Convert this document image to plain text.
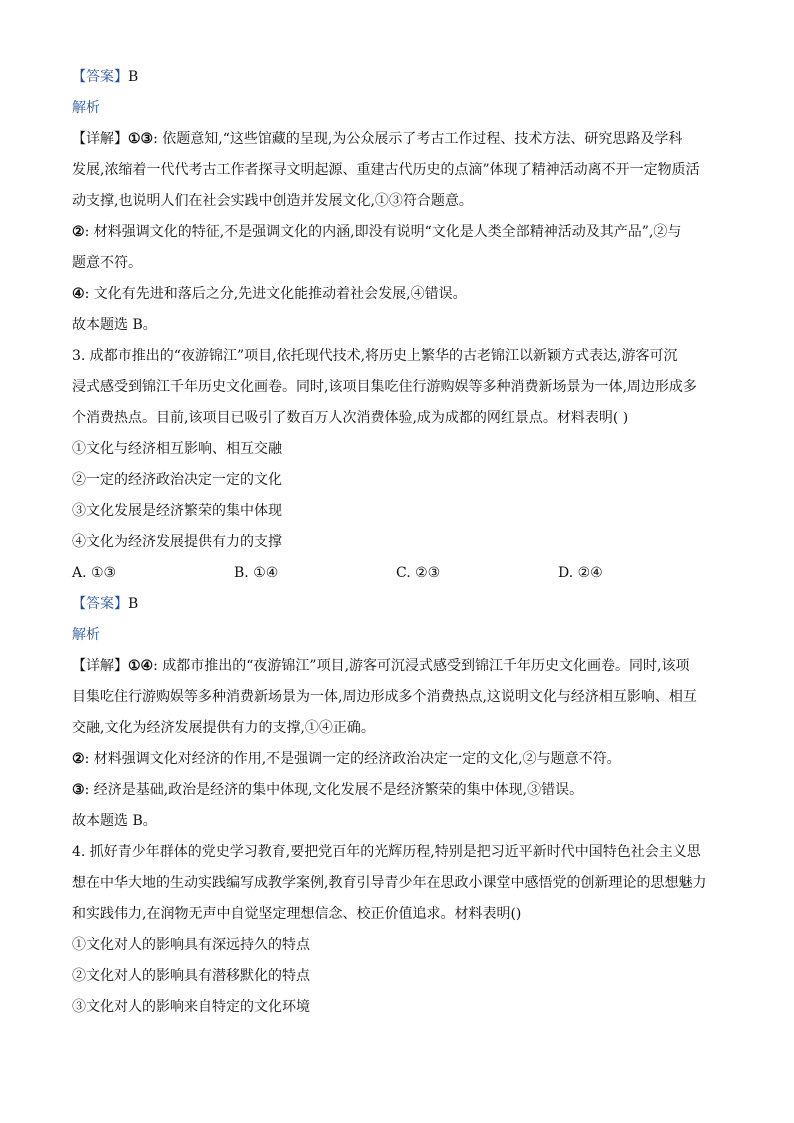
【答案】B
解析
【详解】①③: 依题意知,“这些馆藏的呈现,为公众展示了考古工作过程、技术方法、研究思路及学科
发展,浓缩着一代代考古工作者探寻文明起源、重建古代历史的点滴”体现了精神活动离不开一定物质活
动支撑,也说明人们在社会实践中创造并发展文化,①③符合题意。
②: 材料强调文化的特征,不是强调文化的内涵,即没有说明“文化是人类全部精神活动及其产品”,②与
题意不符。
④: 文化有先进和落后之分,先进文化能推动着社会发展,④错误。
故本题选 B。
3. 成都市推出的“夜游锦江”项目,依托现代技术,将历史上繁华的古老锦江以新颖方式表达,游客可沉
浸式感受到锦江千年历史文化画卷。同时,该项目集吃住行游购娱等多种消费新场景为一体,周边形成多
个消费热点。目前,该项目已吸引了数百万人次消费体验,成为成都的网红景点。材料表明( )
①文化与经济相互影响、相互交融
②一定的经济政治决定一定的文化
③文化发展是经济繁荣的集中体现
④文化为经济发展提供有力的支撑
A. ①③	B. ①④	C. ②③	D. ②④
【答案】B
解析
【详解】①④: 成都市推出的“夜游锦江”项目,游客可沉浸式感受到锦江千年历史文化画卷。同时,该项
目集吃住行游购娱等多种消费新场景为一体,周边形成多个消费热点,这说明文化与经济相互影响、相互
交融,文化为经济发展提供有力的支撑,①④正确。
②: 材料强调文化对经济的作用,不是强调一定的经济政治决定一定的文化,②与题意不符。
③: 经济是基础,政治是经济的集中体现,文化发展不是经济繁荣的集中体现,③错误。
故本题选 B。
4. 抓好青少年群体的党史学习教育,要把党百年的光辉历程,特别是把习近平新时代中国特色社会主义思
想在中华大地的生动实践编写成教学案例,教育引导青少年在思政小课堂中感悟党的创新理论的思想魅力
和实践伟力,在润物无声中自觉坚定理想信念、校正价值追求。材料表明()
①文化对人的影响具有深远持久的特点
②文化对人的影响具有潜移默化的特点
③文化对人的影响来自特定的文化环境
